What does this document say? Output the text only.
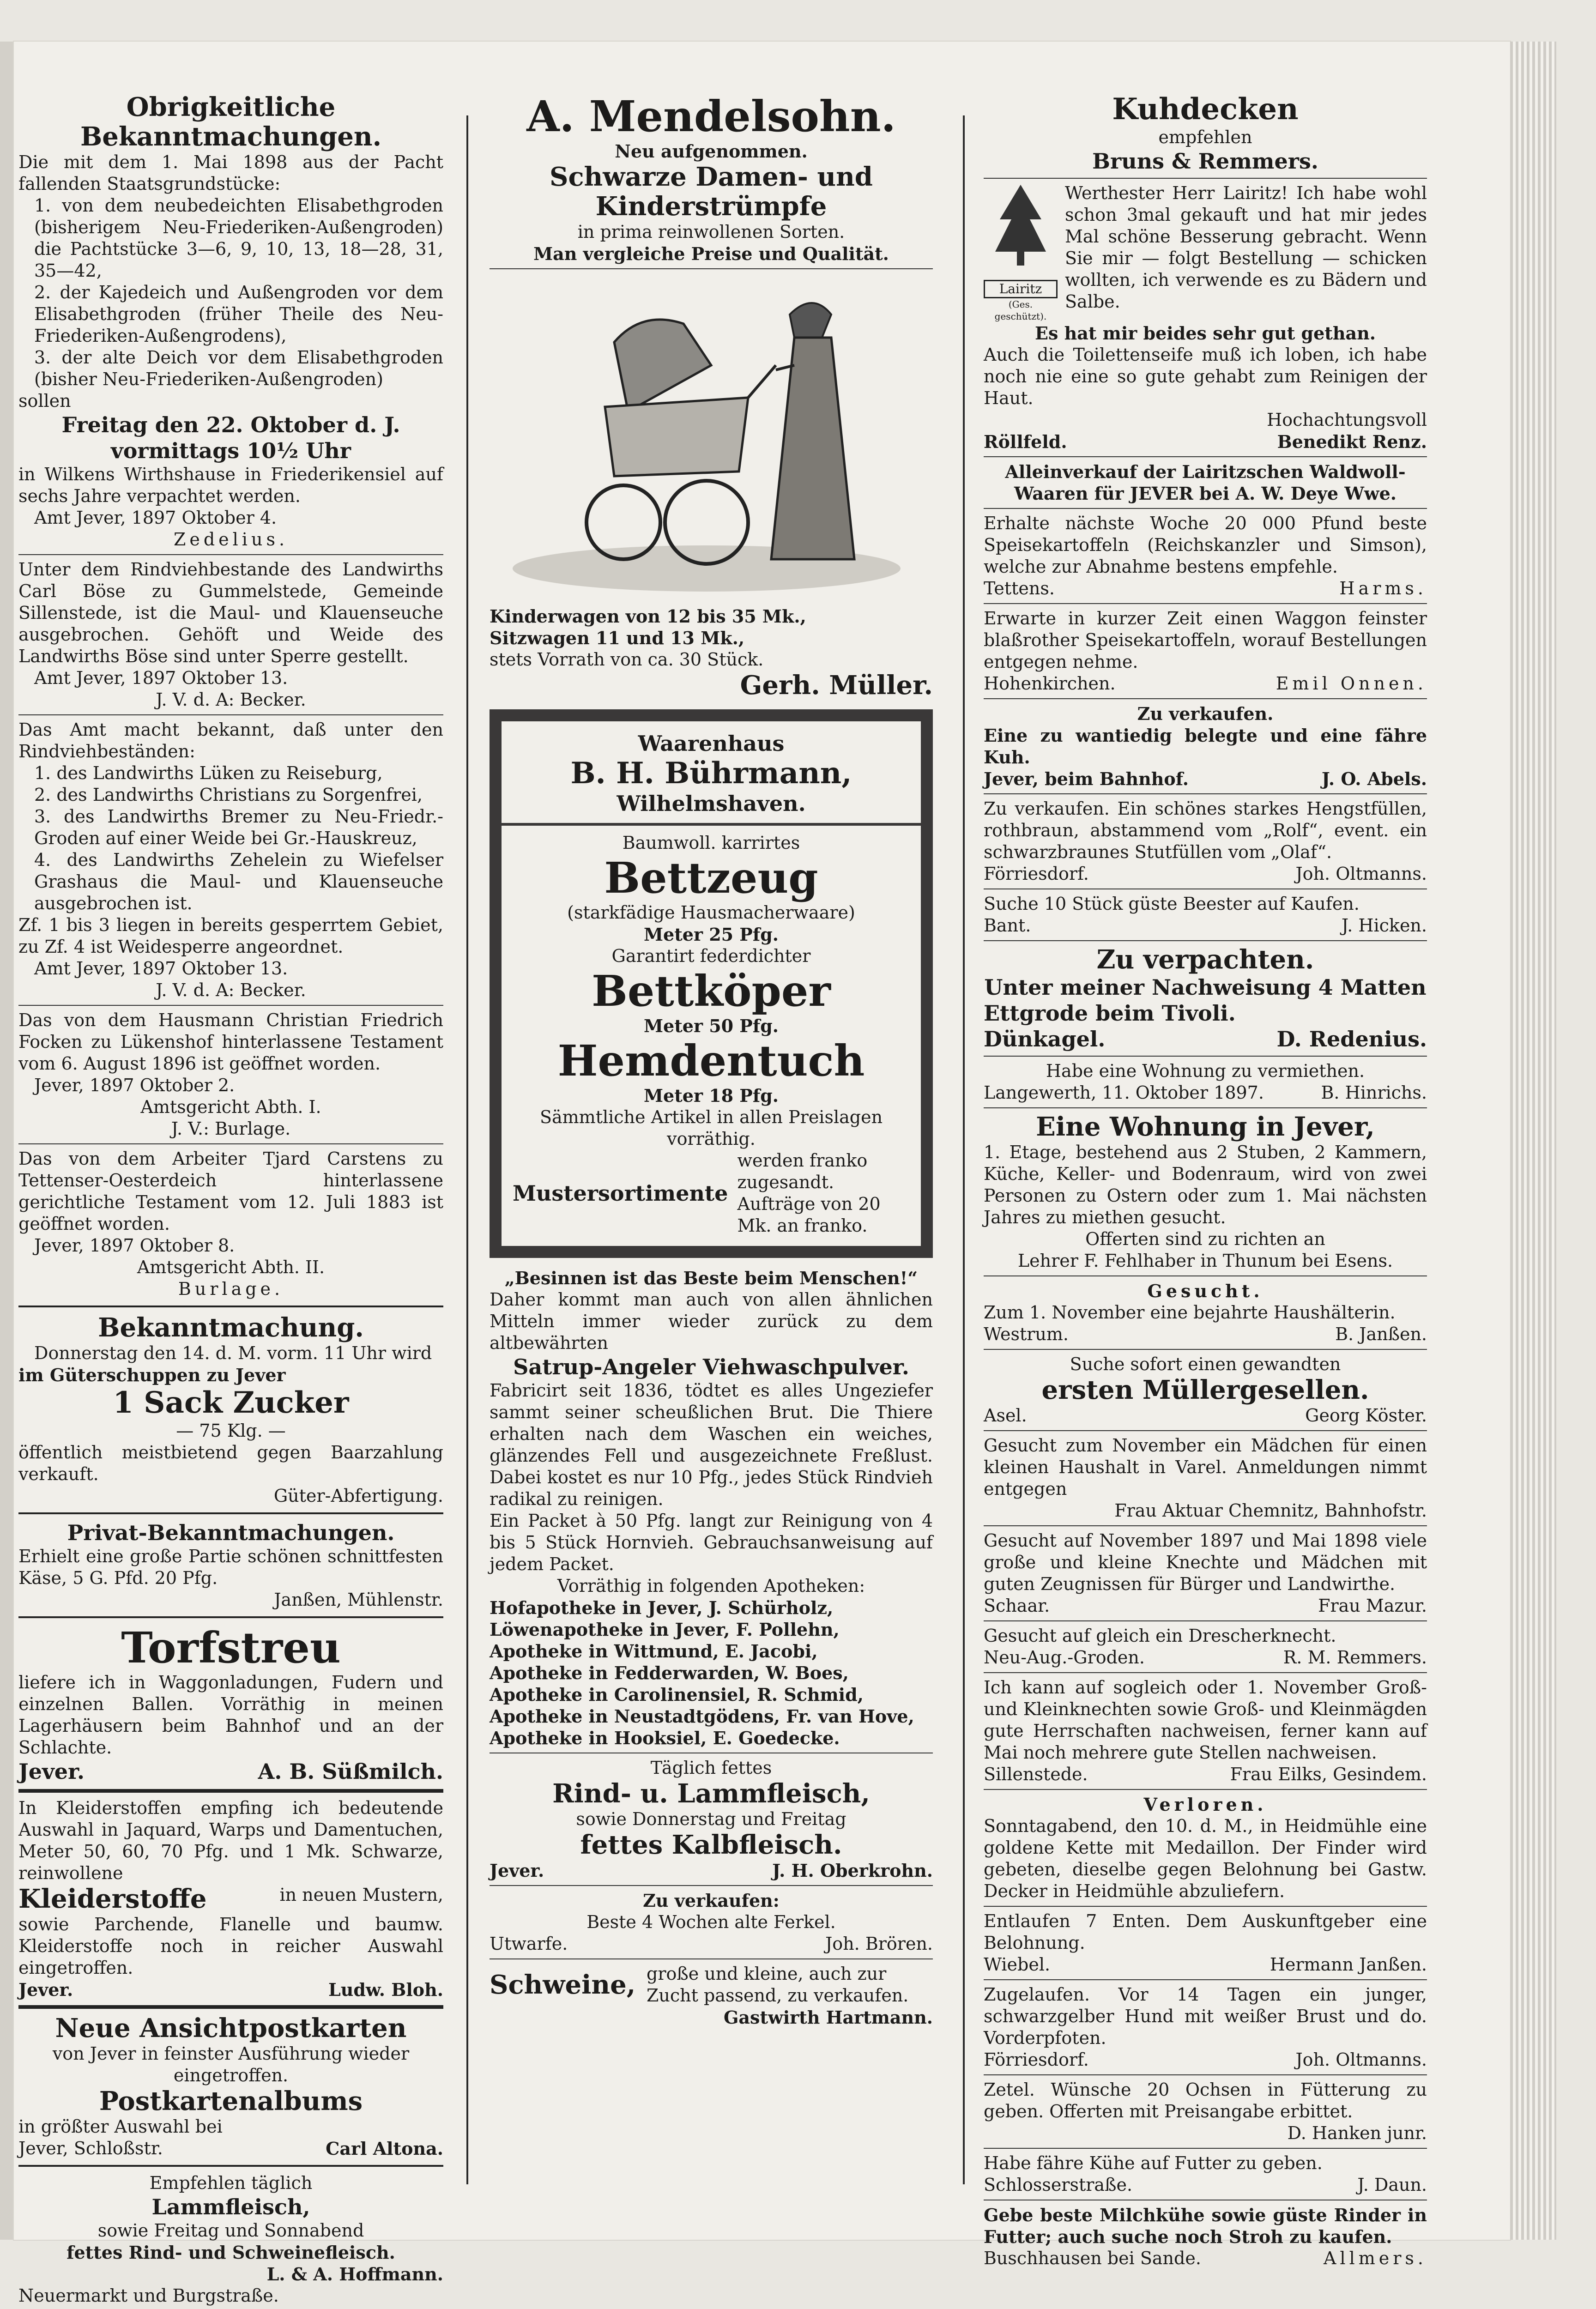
Obrigkeitliche Bekanntmachungen.
Die mit dem 1. Mai 1898 aus der Pacht fallenden Staatsgrundstücke:
1. von dem neubedeichten Elisabethgroden (bisherigem Neu-Friederiken-Außengroden) die Pachtstücke 3—6, 9, 10, 13, 18—28, 31, 35—42,
2. der Kajedeich und Außengroden vor dem Elisabethgroden (früher Theile des Neu-Friederiken-Außengrodens),
3. der alte Deich vor dem Elisabethgroden (bisher Neu-Friederiken-Außengroden)
sollen
Freitag den 22. Oktober d. J.
vormittags 10½ Uhr
in Wilkens Wirthshause in Friederikensiel auf sechs Jahre verpachtet werden.
Amt Jever, 1897 Oktober 4.
Zedelius.
Unter dem Rindviehbestande des Landwirths Carl Böse zu Gummelstede, Gemeinde Sillenstede, ist die Maul- und Klauenseuche ausgebrochen. Gehöft und Weide des Landwirths Böse sind unter Sperre gestellt.
Amt Jever, 1897 Oktober 13.
J. V. d. A: Becker.
Das Amt macht bekannt, daß unter den Rindviehbeständen:
1. des Landwirths Lüken zu Reiseburg,
2. des Landwirths Christians zu Sorgenfrei,
3. des Landwirths Bremer zu Neu-Friedr.-Groden auf einer Weide bei Gr.-Hauskreuz,
4. des Landwirths Zehelein zu Wiefelser Grashaus die Maul- und Klauenseuche ausgebrochen ist.
Zf. 1 bis 3 liegen in bereits gesperrtem Gebiet, zu Zf. 4 ist Weidesperre angeordnet.
Amt Jever, 1897 Oktober 13.
J. V. d. A: Becker.
Das von dem Hausmann Christian Friedrich Focken zu Lükenshof hinterlassene Testament vom 6. August 1896 ist geöffnet worden.
Jever, 1897 Oktober 2.
Amtsgericht Abth. I.
J. V.: Burlage.
Das von dem Arbeiter Tjard Carstens zu Tettenser-Oesterdeich hinterlassene gerichtliche Testament vom 12. Juli 1883 ist geöffnet worden.
Jever, 1897 Oktober 8.
Amtsgericht Abth. II.
Burlage.
Bekanntmachung.
Donnerstag den 14. d. M. vorm. 11 Uhr wird
im Güterschuppen zu Jever
1 Sack Zucker
— 75 Klg. —
öffentlich meistbietend gegen Baarzahlung verkauft.
Güter-Abfertigung.
Privat-Bekanntmachungen.
Erhielt eine große Partie schönen schnittfesten Käse, 5 G. Pfd. 20 Pfg.
Janßen, Mühlenstr.
Torfstreu
liefere ich in Waggonladungen, Fudern und einzelnen Ballen. Vorräthig in meinen Lagerhäusern beim Bahnhof und an der Schlachte.
Jever.	A. B. Süßmilch.
In Kleiderstoffen empfing ich bedeutende Auswahl in Jaquard, Warps und Damentuchen, Meter 50, 60, 70 Pfg. und 1 Mk. Schwarze, reinwollene
Kleiderstoffe	in neuen Mustern,
sowie Parchende, Flanelle und baumw. Kleiderstoffe noch in reicher Auswahl eingetroffen.
Jever.	Ludw. Bloh.
Neue Ansichtpostkarten
von Jever in feinster Ausführung wieder eingetroffen.
Postkartenalbums
in größter Auswahl bei
Jever, Schloßstr.	Carl Altona.
Empfehlen täglich
Lammfleisch,
sowie Freitag und Sonnabend
fettes Rind- und Schweinefleisch.
L. & A. Hoffmann.
Neuermarkt und Burgstraße.
A. Mendelsohn.
Neu aufgenommen.
Schwarze Damen- und Kinderstrümpfe
in prima reinwollenen Sorten.
Man vergleiche Preise und Qualität.
Kinderwagen von 12 bis 35 Mk.,
Sitzwagen 11 und 13 Mk.,
stets Vorrath von ca. 30 Stück.
Gerh. Müller.
Waarenhaus
B. H. Bührmann,
Wilhelmshaven.
Baumwoll. karrirtes
Bettzeug
(starkfädige Hausmacherwaare)
Meter 25 Pfg.
Garantirt federdichter
Bettköper
Meter 50 Pfg.
Hemdentuch
Meter 18 Pfg.
Sämmtliche Artikel in allen Preislagen vorräthig.
Mustersortimente
werden franko zugesandt. Aufträge von 20 Mk. an franko.
„Besinnen ist das Beste beim Menschen!“
Daher kommt man auch von allen ähnlichen Mitteln immer wieder zurück zu dem altbewährten
Satrup-Angeler Viehwaschpulver.
Fabricirt seit 1836, tödtet es alles Ungeziefer sammt seiner scheußlichen Brut. Die Thiere erhalten nach dem Waschen ein weiches, glänzendes Fell und ausgezeichnete Freßlust. Dabei kostet es nur 10 Pfg., jedes Stück Rindvieh radikal zu reinigen.
Ein Packet à 50 Pfg. langt zur Reinigung von 4 bis 5 Stück Hornvieh. Gebrauchsanweisung auf jedem Packet.
Vorräthig in folgenden Apotheken:
Hofapotheke in Jever, J. Schürholz,
Löwenapotheke in Jever, F. Pollehn,
Apotheke in Wittmund, E. Jacobi,
Apotheke in Fedderwarden, W. Boes,
Apotheke in Carolinensiel, R. Schmid,
Apotheke in Neustadtgödens, Fr. van Hove,
Apotheke in Hooksiel, E. Goedecke.
Täglich fettes
Rind- u. Lammfleisch,
sowie Donnerstag und Freitag
fettes Kalbfleisch.
Jever.	J. H. Oberkrohn.
Zu verkaufen:
Beste 4 Wochen alte Ferkel.
Utwarfe.	Joh. Brören.
Schweine, große und kleine, auch zur Zucht passend, zu verkaufen.
Gastwirth Hartmann.
Kuhdecken
empfehlen
Bruns & Remmers.
Lairitz
(Ges. geschützt).
Werthester Herr Lairitz! Ich habe wohl schon 3mal gekauft und hat mir jedes Mal schöne Besserung gebracht. Wenn Sie mir — folgt Bestellung — schicken wollten, ich verwende es zu Bädern und Salbe.
Es hat mir beides sehr gut gethan.
Auch die Toilettenseife muß ich loben, ich habe noch nie eine so gute gehabt zum Reinigen der Haut.
Hochachtungsvoll
Röllfeld.	Benedikt Renz.
Alleinverkauf der Lairitzschen Waldwoll-Waaren für JEVER bei A. W. Deye Wwe.
Erhalte nächste Woche 20 000 Pfund beste Speisekartoffeln (Reichskanzler und Simson), welche zur Abnahme bestens empfehle.
Tettens.	Harms.
Erwarte in kurzer Zeit einen Waggon feinster blaßrother Speisekartoffeln, worauf Bestellungen entgegen nehme.
Hohenkirchen.	Emil Onnen.
Zu verkaufen.
Eine zu wantiedig belegte und eine fähre Kuh.
Jever, beim Bahnhof.	J. O. Abels.
Zu verkaufen. Ein schönes starkes Hengstfüllen, rothbraun, abstammend vom „Rolf“, event. ein schwarzbraunes Stutfüllen vom „Olaf“.
Förriesdorf.	Joh. Oltmanns.
Suche 10 Stück güste Beester auf Kaufen.
Bant.	J. Hicken.
Zu verpachten.
Unter meiner Nachweisung 4 Matten
Ettgrode beim Tivoli.
Dünkagel.	D. Redenius.
Habe eine Wohnung zu vermiethen.
Langewerth, 11. Oktober 1897.	B. Hinrichs.
Eine Wohnung in Jever,
1. Etage, bestehend aus 2 Stuben, 2 Kammern, Küche, Keller- und Bodenraum, wird von zwei Personen zu Ostern oder zum 1. Mai nächsten Jahres zu miethen gesucht.
Offerten sind zu richten an
Lehrer F. Fehlhaber in Thunum bei Esens.
Gesucht.
Zum 1. November eine bejahrte Haushälterin.
Westrum.	B. Janßen.
Suche sofort einen gewandten
ersten Müllergesellen.
Asel.	Georg Köster.
Gesucht zum November ein Mädchen für einen kleinen Haushalt in Varel. Anmeldungen nimmt entgegen
Frau Aktuar Chemnitz, Bahnhofstr.
Gesucht auf November 1897 und Mai 1898 viele große und kleine Knechte und Mädchen mit guten Zeugnissen für Bürger und Landwirthe.
Schaar.	Frau Mazur.
Gesucht auf gleich ein Drescherknecht.
Neu-Aug.-Groden.	R. M. Remmers.
Ich kann auf sogleich oder 1. November Groß- und Kleinknechten sowie Groß- und Kleinmägden gute Herrschaften nachweisen, ferner kann auf Mai noch mehrere gute Stellen nachweisen.
Sillenstede.	Frau Eilks, Gesindem.
Verloren.
Sonntagabend, den 10. d. M., in Heidmühle eine goldene Kette mit Medaillon. Der Finder wird gebeten, dieselbe gegen Belohnung bei Gastw. Decker in Heidmühle abzuliefern.
Entlaufen 7 Enten. Dem Auskunftgeber eine Belohnung.
Wiebel.	Hermann Janßen.
Zugelaufen. Vor 14 Tagen ein junger, schwarzgelber Hund mit weißer Brust und do. Vorderpfoten.
Förriesdorf.	Joh. Oltmanns.
Zetel. Wünsche 20 Ochsen in Fütterung zu geben. Offerten mit Preisangabe erbittet.
D. Hanken junr.
Habe fähre Kühe auf Futter zu geben.
Schlosserstraße.	J. Daun.
Gebe beste Milchkühe sowie güste Rinder in Futter; auch suche noch Stroh zu kaufen.
Buschhausen bei Sande.	Allmers.
